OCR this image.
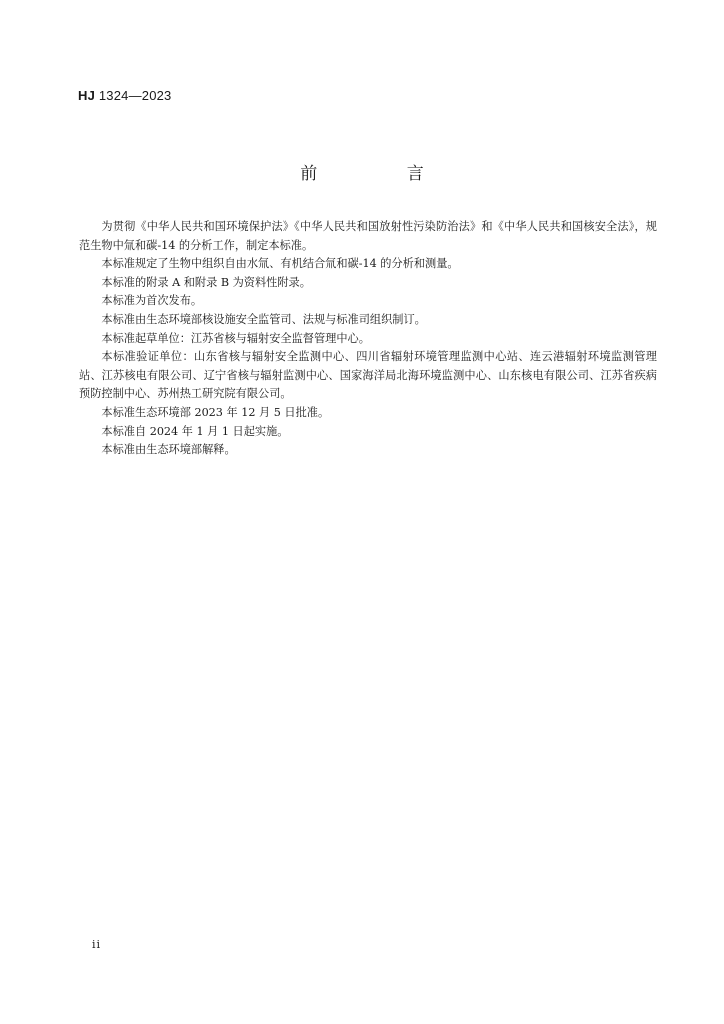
HJ 1324—2023
前 言

为贯彻《中华人民共和国环境保护法》《中华人民共和国放射性污染防治法》和《中华人民共和国核安全法》，规范生物中氚和碳-14 的分析工作，制定本标准。

本标准规定了生物中组织自由水氚、有机结合氚和碳-14 的分析和测量。

本标准的附录 A 和附录 B 为资料性附录。

本标准为首次发布。

本标准由生态环境部核设施安全监管司、法规与标准司组织制订。

本标准起草单位：江苏省核与辐射安全监督管理中心。

本标准验证单位：山东省核与辐射安全监测中心、四川省辐射环境管理监测中心站、连云港辐射环境监测管理站、江苏核电有限公司、辽宁省核与辐射监测中心、国家海洋局北海环境监测中心、山东核电有限公司、江苏省疾病预防控制中心、苏州热工研究院有限公司。

本标准生态环境部 2023 年 12 月 5 日批准。

本标准自 2024 年 1 月 1 日起实施。

本标准由生态环境部解释。

ii
